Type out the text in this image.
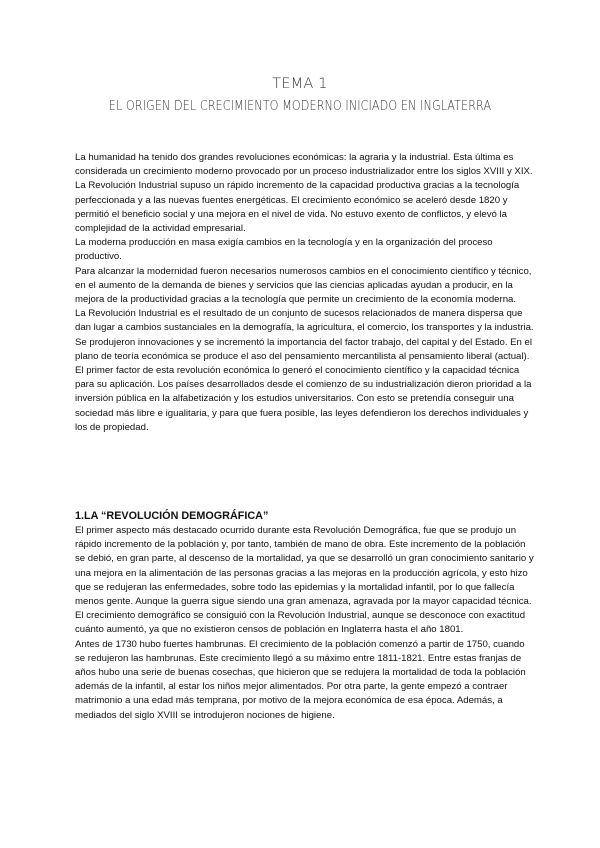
TEMA 1
EL ORIGEN DEL CRECIMIENTO MODERNO INICIADO EN INGLATERRA

La humanidad ha tenido dos grandes revoluciones económicas: la agraria y la industrial. Esta última es considerada un crecimiento moderno provocado por un proceso industrializador entre los siglos XVIII y XIX.

La Revolución Industrial supuso un rápido incremento de la capacidad productiva gracias a la tecnología perfeccionada y a las nuevas fuentes energéticas. El crecimiento económico se aceleró desde 1820 y permitió el beneficio social y una mejora en el nivel de vida. No estuvo exento de conflictos, y elevó la complejidad de la actividad empresarial.

La moderna producción en masa exigía cambios en la tecnología y en la organización del proceso productivo.

Para alcanzar la modernidad fueron necesarios numerosos cambios en el conocimiento científico y técnico, en el aumento de la demanda de bienes y servicios que las ciencias aplicadas ayudan a producir, en la mejora de la productividad gracias a la tecnología que permite un crecimiento de la economía moderna.

La Revolución Industrial es el resultado de un conjunto de sucesos relacionados de manera dispersa que dan lugar a cambios sustanciales en la demografía, la agricultura, el comercio, los transportes y la industria.

Se produjeron innovaciones y se incrementó la importancia del factor trabajo, del capital y del Estado. En el plano de teoría económica se produce el aso del pensamiento mercantilista al pensamiento liberal (actual).

El primer factor de esta revolución económica lo generó el conocimiento científico y la capacidad técnica para su aplicación. Los países desarrollados desde el comienzo de su industrialización dieron prioridad a la inversión pública en la alfabetización y los estudios universitarios. Con esto se pretendía conseguir una sociedad más libre e igualitaria, y para que fuera posible, las leyes defendieron los derechos individuales y los de propiedad.

1.LA “REVOLUCIÓN DEMOGRÁFICA”

El primer aspecto más destacado ocurrido durante esta Revolución Demográfica, fue que se produjo un rápido incremento de la población y, por tanto, también de mano de obra. Este incremento de la población se debió, en gran parte, al descenso de la mortalidad, ya que se desarrolló un gran conocimiento sanitario y una mejora en la alimentación de las personas gracias a las mejoras en la producción agrícola, y esto hizo que se redujeran las enfermedades, sobre todo las epidemias y la mortalidad infantil, por lo que fallecía menos gente. Aunque la guerra sigue siendo una gran amenaza, agravada por la mayor capacidad técnica.

El crecimiento demográfico se consiguió con la Revolución Industrial, aunque se desconoce con exactitud cuánto aumentó, ya que no existieron censos de población en Inglaterra hasta el año 1801.

Antes de 1730 hubo fuertes hambrunas. El crecimiento de la población comenzó a partir de 1750, cuando se redujeron las hambrunas. Este crecimiento llegó a su máximo entre 1811-1821. Entre estas franjas de años hubo una serie de buenas cosechas, que hicieron que se redujera la mortalidad de toda la población además de la infantil, al estar los niños mejor alimentados. Por otra parte, la gente empezó a contraer matrimonio a una edad más temprana, por motivo de la mejora económica de esa época. Además, a mediados del siglo XVIII se introdujeron nociones de higiene.
